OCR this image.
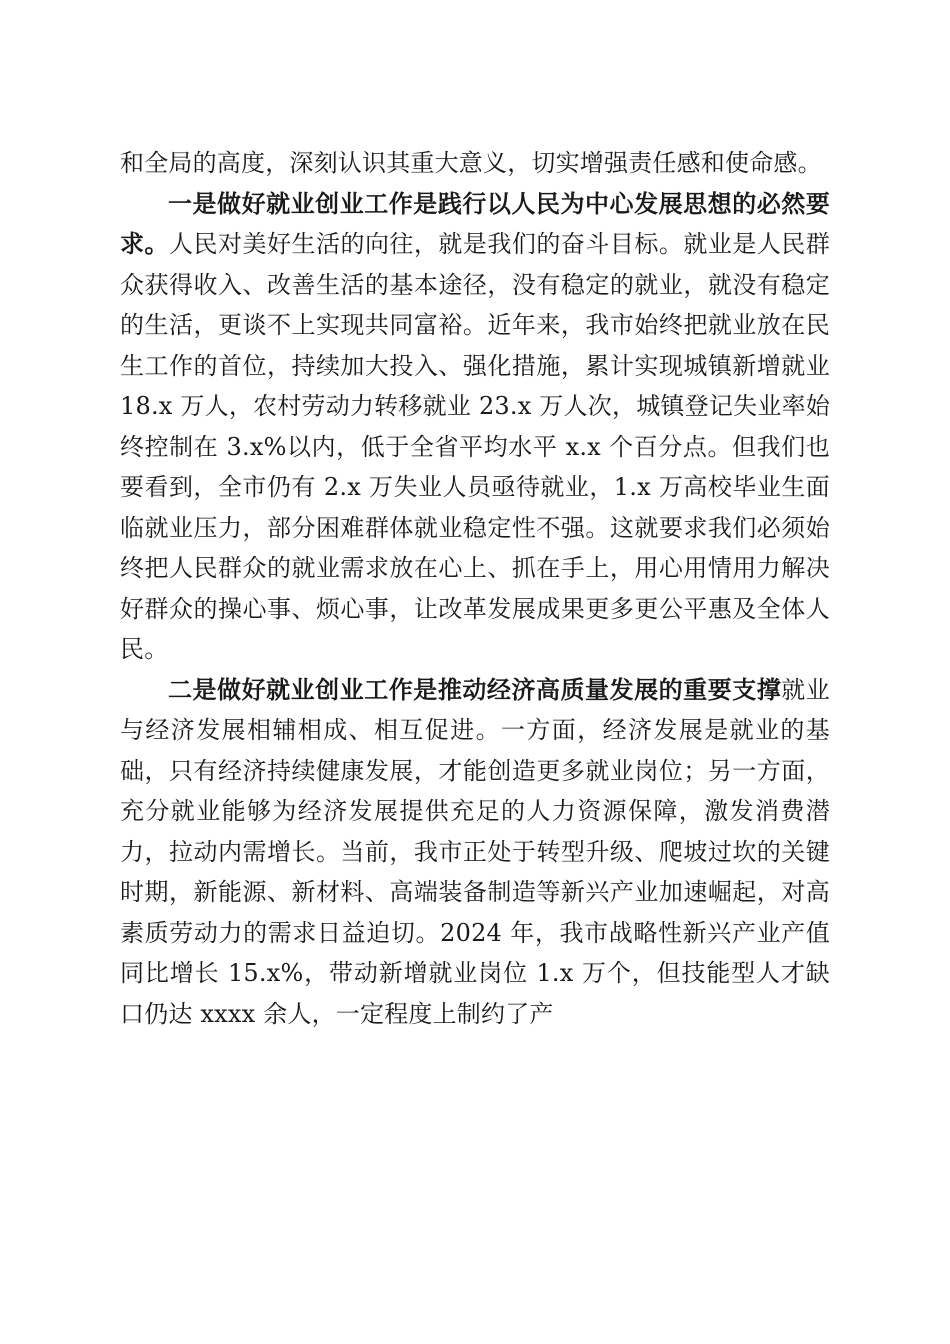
和全局的高度，深刻认识其重大意义，切实增强责任感和使命感。

一是做好就业创业工作是践行以人民为中心发展思想的必然要求。人民对美好生活的向往，就是我们的奋斗目标。就业是人民群众获得收入、改善生活的基本途径，没有稳定的就业，就没有稳定的生活，更谈不上实现共同富裕。近年来，我市始终把就业放在民生工作的首位，持续加大投入、强化措施，累计实现城镇新增就业 18.x 万人，农村劳动力转移就业 23.x 万人次，城镇登记失业率始终控制在 3.x%以内，低于全省平均水平 x.x 个百分点。但我们也要看到，全市仍有 2.x 万失业人员亟待就业，1.x 万高校毕业生面临就业压力，部分困难群体就业稳定性不强。这就要求我们必须始终把人民群众的就业需求放在心上、抓在手上，用心用情用力解决好群众的操心事、烦心事，让改革发展成果更多更公平惠及全体人民。

二是做好就业创业工作是推动经济高质量发展的重要支撑就业与经济发展相辅相成、相互促进。一方面，经济发展是就业的基础，只有经济持续健康发展，才能创造更多就业岗位；另一方面，充分就业能够为经济发展提供充足的人力资源保障，激发消费潜力，拉动内需增长。当前，我市正处于转型升级、爬坡过坎的关键时期，新能源、新材料、高端装备制造等新兴产业加速崛起，对高素质劳动力的需求日益迫切。2024 年，我市战略性新兴产业产值同比增长 15.x%，带动新增就业岗位 1.x 万个，但技能型人才缺口仍达 xxxx 余人，一定程度上制约了产
